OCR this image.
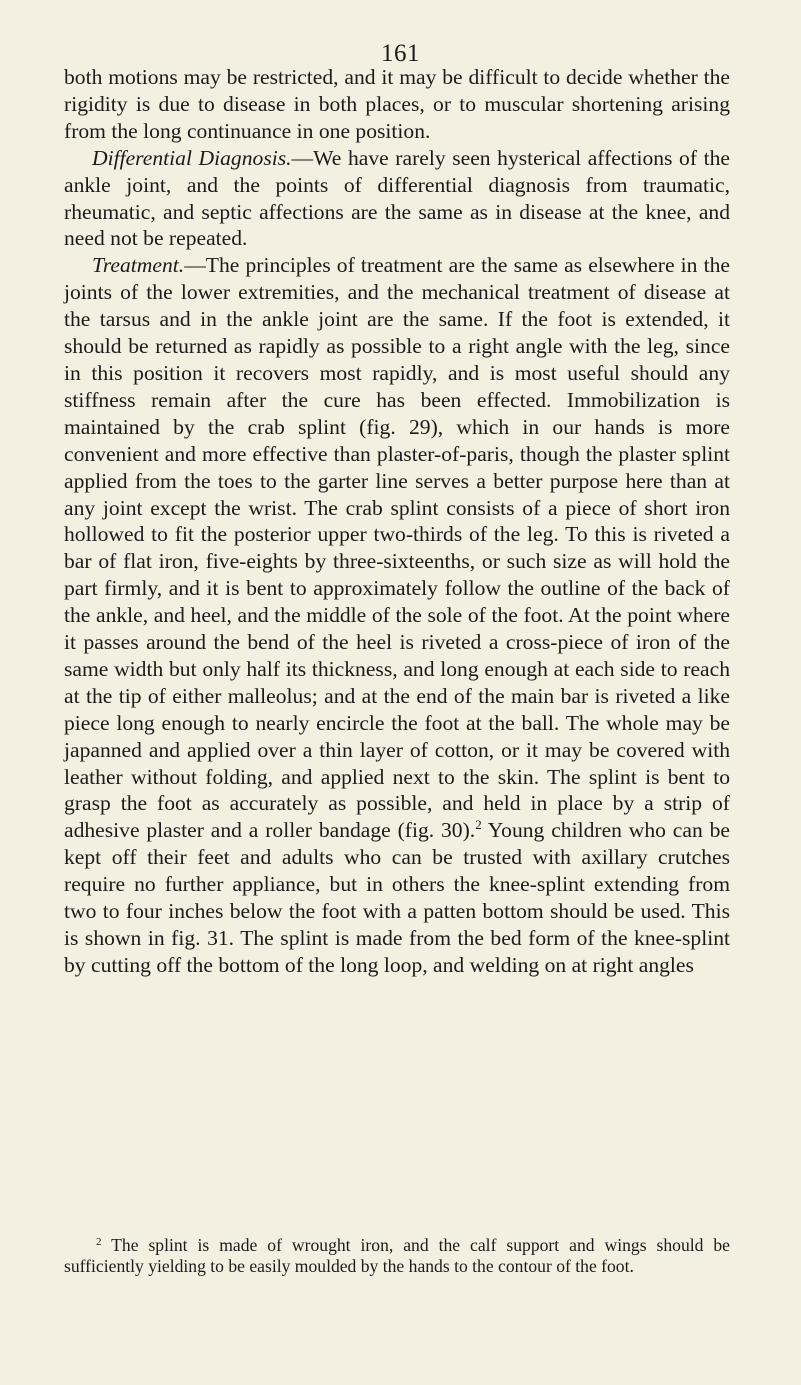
161

both motions may be restricted, and it may be difficult to decide whether the rigidity is due to disease in both places, or to muscular shortening arising from the long continuance in one position.

Differential Diagnosis.—We have rarely seen hysterical affections of the ankle joint, and the points of differential diagnosis from traumatic, rheumatic, and septic affections are the same as in disease at the knee, and need not be repeated.

Treatment.—The principles of treatment are the same as elsewhere in the joints of the lower extremities, and the mechanical treatment of disease at the tarsus and in the ankle joint are the same. If the foot is extended, it should be returned as rapidly as possible to a right angle with the leg, since in this position it recovers most rapidly, and is most useful should any stiffness remain after the cure has been effected. Immobilization is maintained by the crab splint (fig. 29), which in our hands is more convenient and more effective than plaster-of-paris, though the plaster splint applied from the toes to the garter line serves a better purpose here than at any joint except the wrist. The crab splint consists of a piece of short iron hollowed to fit the posterior upper two-thirds of the leg. To this is riveted a bar of flat iron, five-eights by three-sixteenths, or such size as will hold the part firmly, and it is bent to approximately follow the outline of the back of the ankle, and heel, and the middle of the sole of the foot. At the point where it passes around the bend of the heel is riveted a cross-piece of iron of the same width but only half its thickness, and long enough at each side to reach at the tip of either malleolus; and at the end of the main bar is riveted a like piece long enough to nearly encircle the foot at the ball. The whole may be japanned and applied over a thin layer of cotton, or it may be covered with leather without folding, and applied next to the skin. The splint is bent to grasp the foot as accurately as possible, and held in place by a strip of adhesive plaster and a roller bandage (fig. 30).$^2$ Young children who can be kept off their feet and adults who can be trusted with axillary crutches require no further appliance, but in others the knee-splint extending from two to four inches below the foot with a patten bottom should be used. This is shown in fig. 31. The splint is made from the bed form of the knee-splint by cutting off the bottom of the long loop, and welding on at right angles

$^2$ The splint is made of wrought iron, and the calf support and wings should be sufficiently yielding to be easily moulded by the hands to the contour of the foot.
